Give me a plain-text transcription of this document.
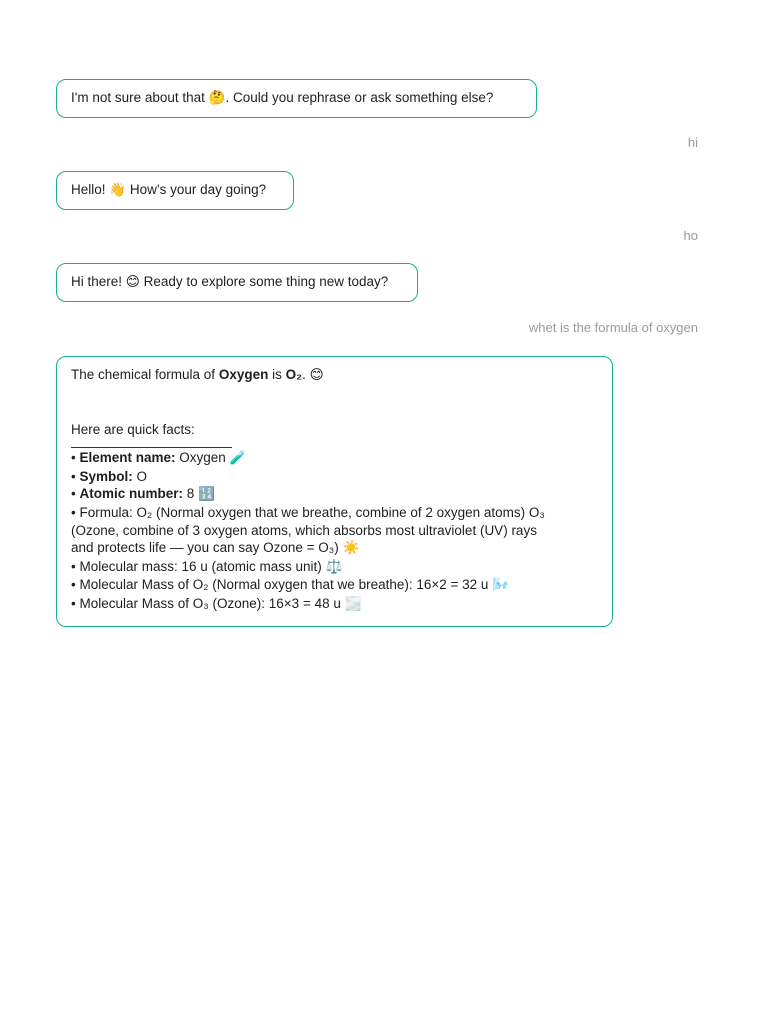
I'm not sure about that 🤔. Could you rephrase or ask something else?
hi
Hello! 👋 How’s your day going?
ho
Hi there! 😊 Ready to explore some thing new today?
whet is the formula of oxygen
The chemical formula of Oxygen is O₂. 😊
Here are quick facts:
• Element name: Oxygen 🧪
• Symbol: O
• Atomic number: 8 🔢
• Formula: O₂ (Normal oxygen that we breathe, combine of 2 oxygen atoms) O₃
(Ozone, combine of 3 oxygen atoms, which absorbs most ultraviolet (UV) rays
and protects life — you can say Ozone = O₃) ☀️
• Molecular mass: 16 u (atomic mass unit) ⚖️
• Molecular Mass of O₂ (Normal oxygen that we breathe): 16×2 = 32 u 🌬️
• Molecular Mass of O₃ (Ozone): 16×3 = 48 u 🌫️
